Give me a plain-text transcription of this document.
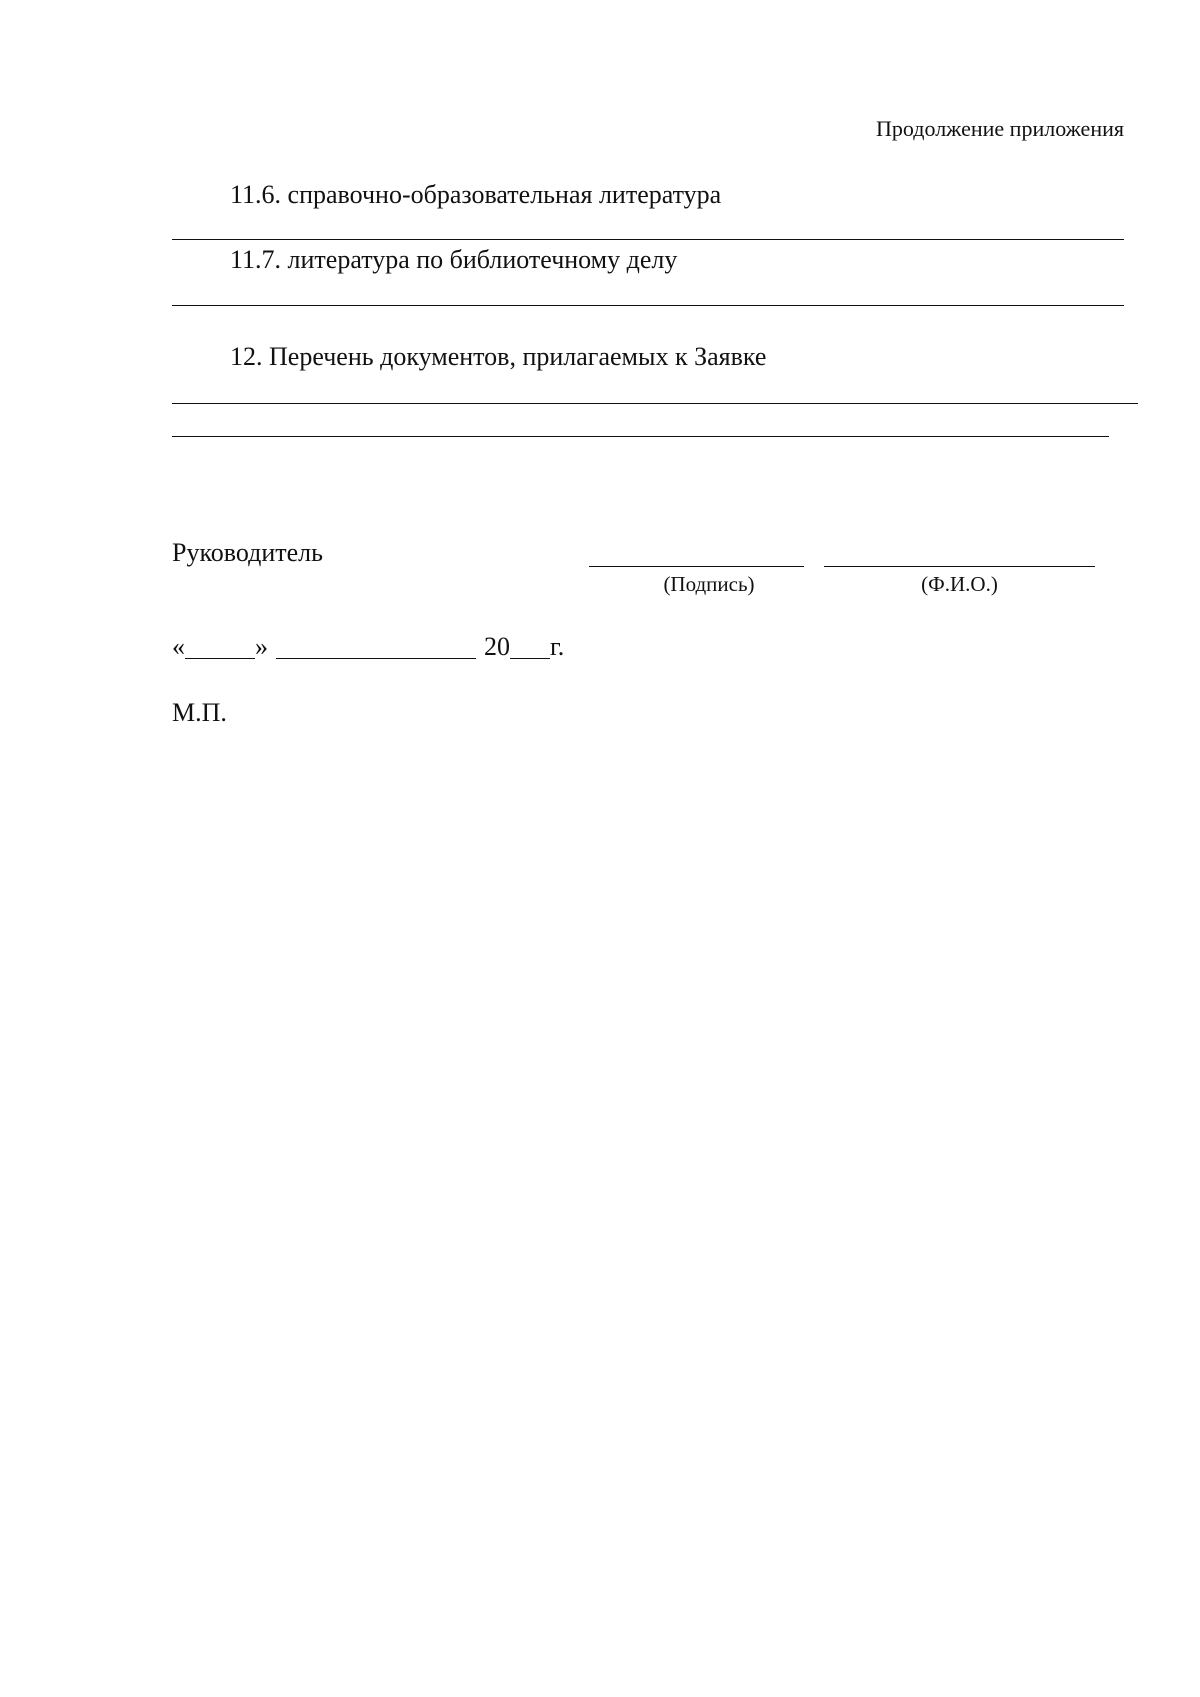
Продолжение приложения
11.6. справочно-образовательная литература
11.7. литература по библиотечному делу
12. Перечень документов, прилагаемых к Заявке
Руководитель
(Подпись)	(Ф.И.О.)
«	»	20 г.
М.П.
